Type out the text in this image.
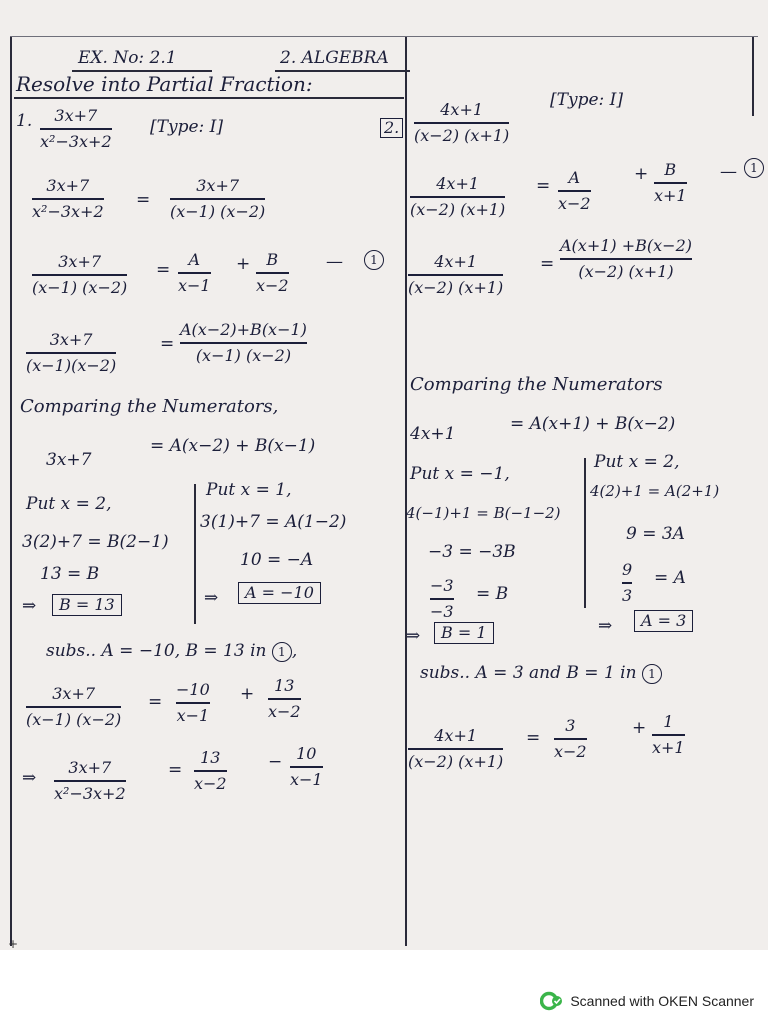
EX. No: 2.1	2. ALGEBRA
Resolve into Partial Fraction:
1. 3x+7
x²−3x+2
[Type: I]
3x+7
x²−3x+2
=
3x+7
(x−1) (x−2)
3x+7
(x−1) (x−2)
=
A
x−1
+ B
x−2
—	1
3x+7
(x−1)(x−2)
=
A(x−2)+B(x−1)
(x−1) (x−2)
Comparing the Numerators,
3x+7
= A(x−2) + B(x−1)
Put x = 2,
3(2)+7 = B(2−1)
13 = B
⇒	B = 13
Put x = 1,
3(1)+7 = A(1−2)
10 = −A
⇒	A = −10
subs.. A = −10, B = 13 in 1 ,
3x+7
(x−1) (x−2)
=
−10
x−1
+ 13
x−2
⇒
3x+7
x²−3x+2
=
13
x−2
− 10
x−1
2.
4x+1
(x−2) (x+1)
[Type: I]
4x+1
(x−2) (x+1)
= A
x−2
+ B
x+1
—	1
4x+1
(x−2) (x+1)
=
A(x+1) +B(x−2)
(x−2) (x+1)
Comparing the Numerators
4x+1	= A(x+1) + B(x−2)
Put x = −1,
4(−1)+1 = B(−1−2)
−3 = −3B
−3
−3
= B
⇒	B = 1
Put x = 2,
4(2)+1 = A(2+1)
9 = 3A
9
3
= A
⇒	A = 3
subs.. A = 3 and B = 1 in 1
4x+1
(x−2) (x+1)
=
3
x−2
+ 1
x+1
+
Scanned with OKEN Scanner
